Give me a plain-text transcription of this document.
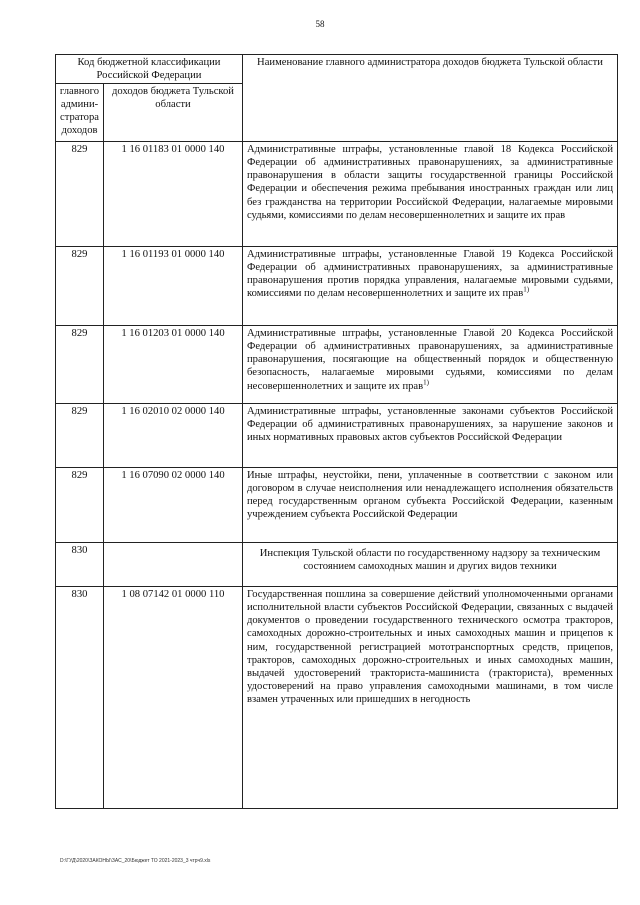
58
Код бюджетной классификации Российской Федерации		Наименование главного администратора доходов бюджета Тульской области
главного админи-стратора доходов	доходов бюджета Тульской области	
829	1 16 01183 01 0000 140	Административные штрафы, установленные главой 18 Кодекса Российской Федерации об административных правонарушениях, за административные правонарушения в области защиты государственной границы Российской Федерации и обеспечения режима пребывания иностранных граждан или лиц без гражданства на территории Российской Федерации, налагаемые мировыми судьями, комиссиями по делам несовершеннолетних и защите их прав

829	1 16 01193 01 0000 140	Административные штрафы, установленные Главой 19 Кодекса Российской Федерации об административных правонарушениях, за административные правонарушения против порядка управления, налагаемые мировыми судьями, комиссиями по делам несовершеннолетних и защите их прав$^{1)}$
829	1 16 01203 01 0000 140	Административные штрафы, установленные Главой 20 Кодекса Российской Федерации об административных правонарушениях, за административные правонарушения, посягающие на общественный порядок и общественную безопасность, налагаемые мировыми судьями, комиссиями по делам несовершеннолетних и защите их прав$^{1)}$
829	1 16 02010 02 0000 140	Административные штрафы, установленные законами субъектов Российской Федерации об административных правонарушениях, за нарушение законов и иных нормативных правовых актов субъектов Российской Федерации

829	1 16 07090 02 0000 140	Иные штрафы, неустойки, пени, уплаченные в соответствии с законом или договором в случае неисполнения или ненадлежащего исполнения обязательств перед государственным органом субъекта Российской Федерации, казенным учреждением субъекта Российской Федерации

830		Инспекция Тульской области по государственному надзору за техническим состоянием самоходных машин и других видов техники
830	1 08 07142 01 0000 110	Государственная пошлина за совершение действий уполномоченными органами исполнительной власти субъектов Российской Федерации, связанных с выдачей документов о проведении государственного технического осмотра тракторов, самоходных дорожно-строительных и иных самоходных машин и прицепов к ним, государственной регистрацией мототранспортных средств, прицепов, тракторов, самоходных дорожно-строительных и иных самоходных машин, выдачей удостоверений тракториста-машиниста (тракториста), временных удостоверений на право управления самоходными машинами, в том числе взамен утраченных или пришедших в негодность
D:\ГУД\2020\ЗАКОНЫ\ЗАС_20\Бюджет ТО 2021-2023_3 чтрч9.xls
